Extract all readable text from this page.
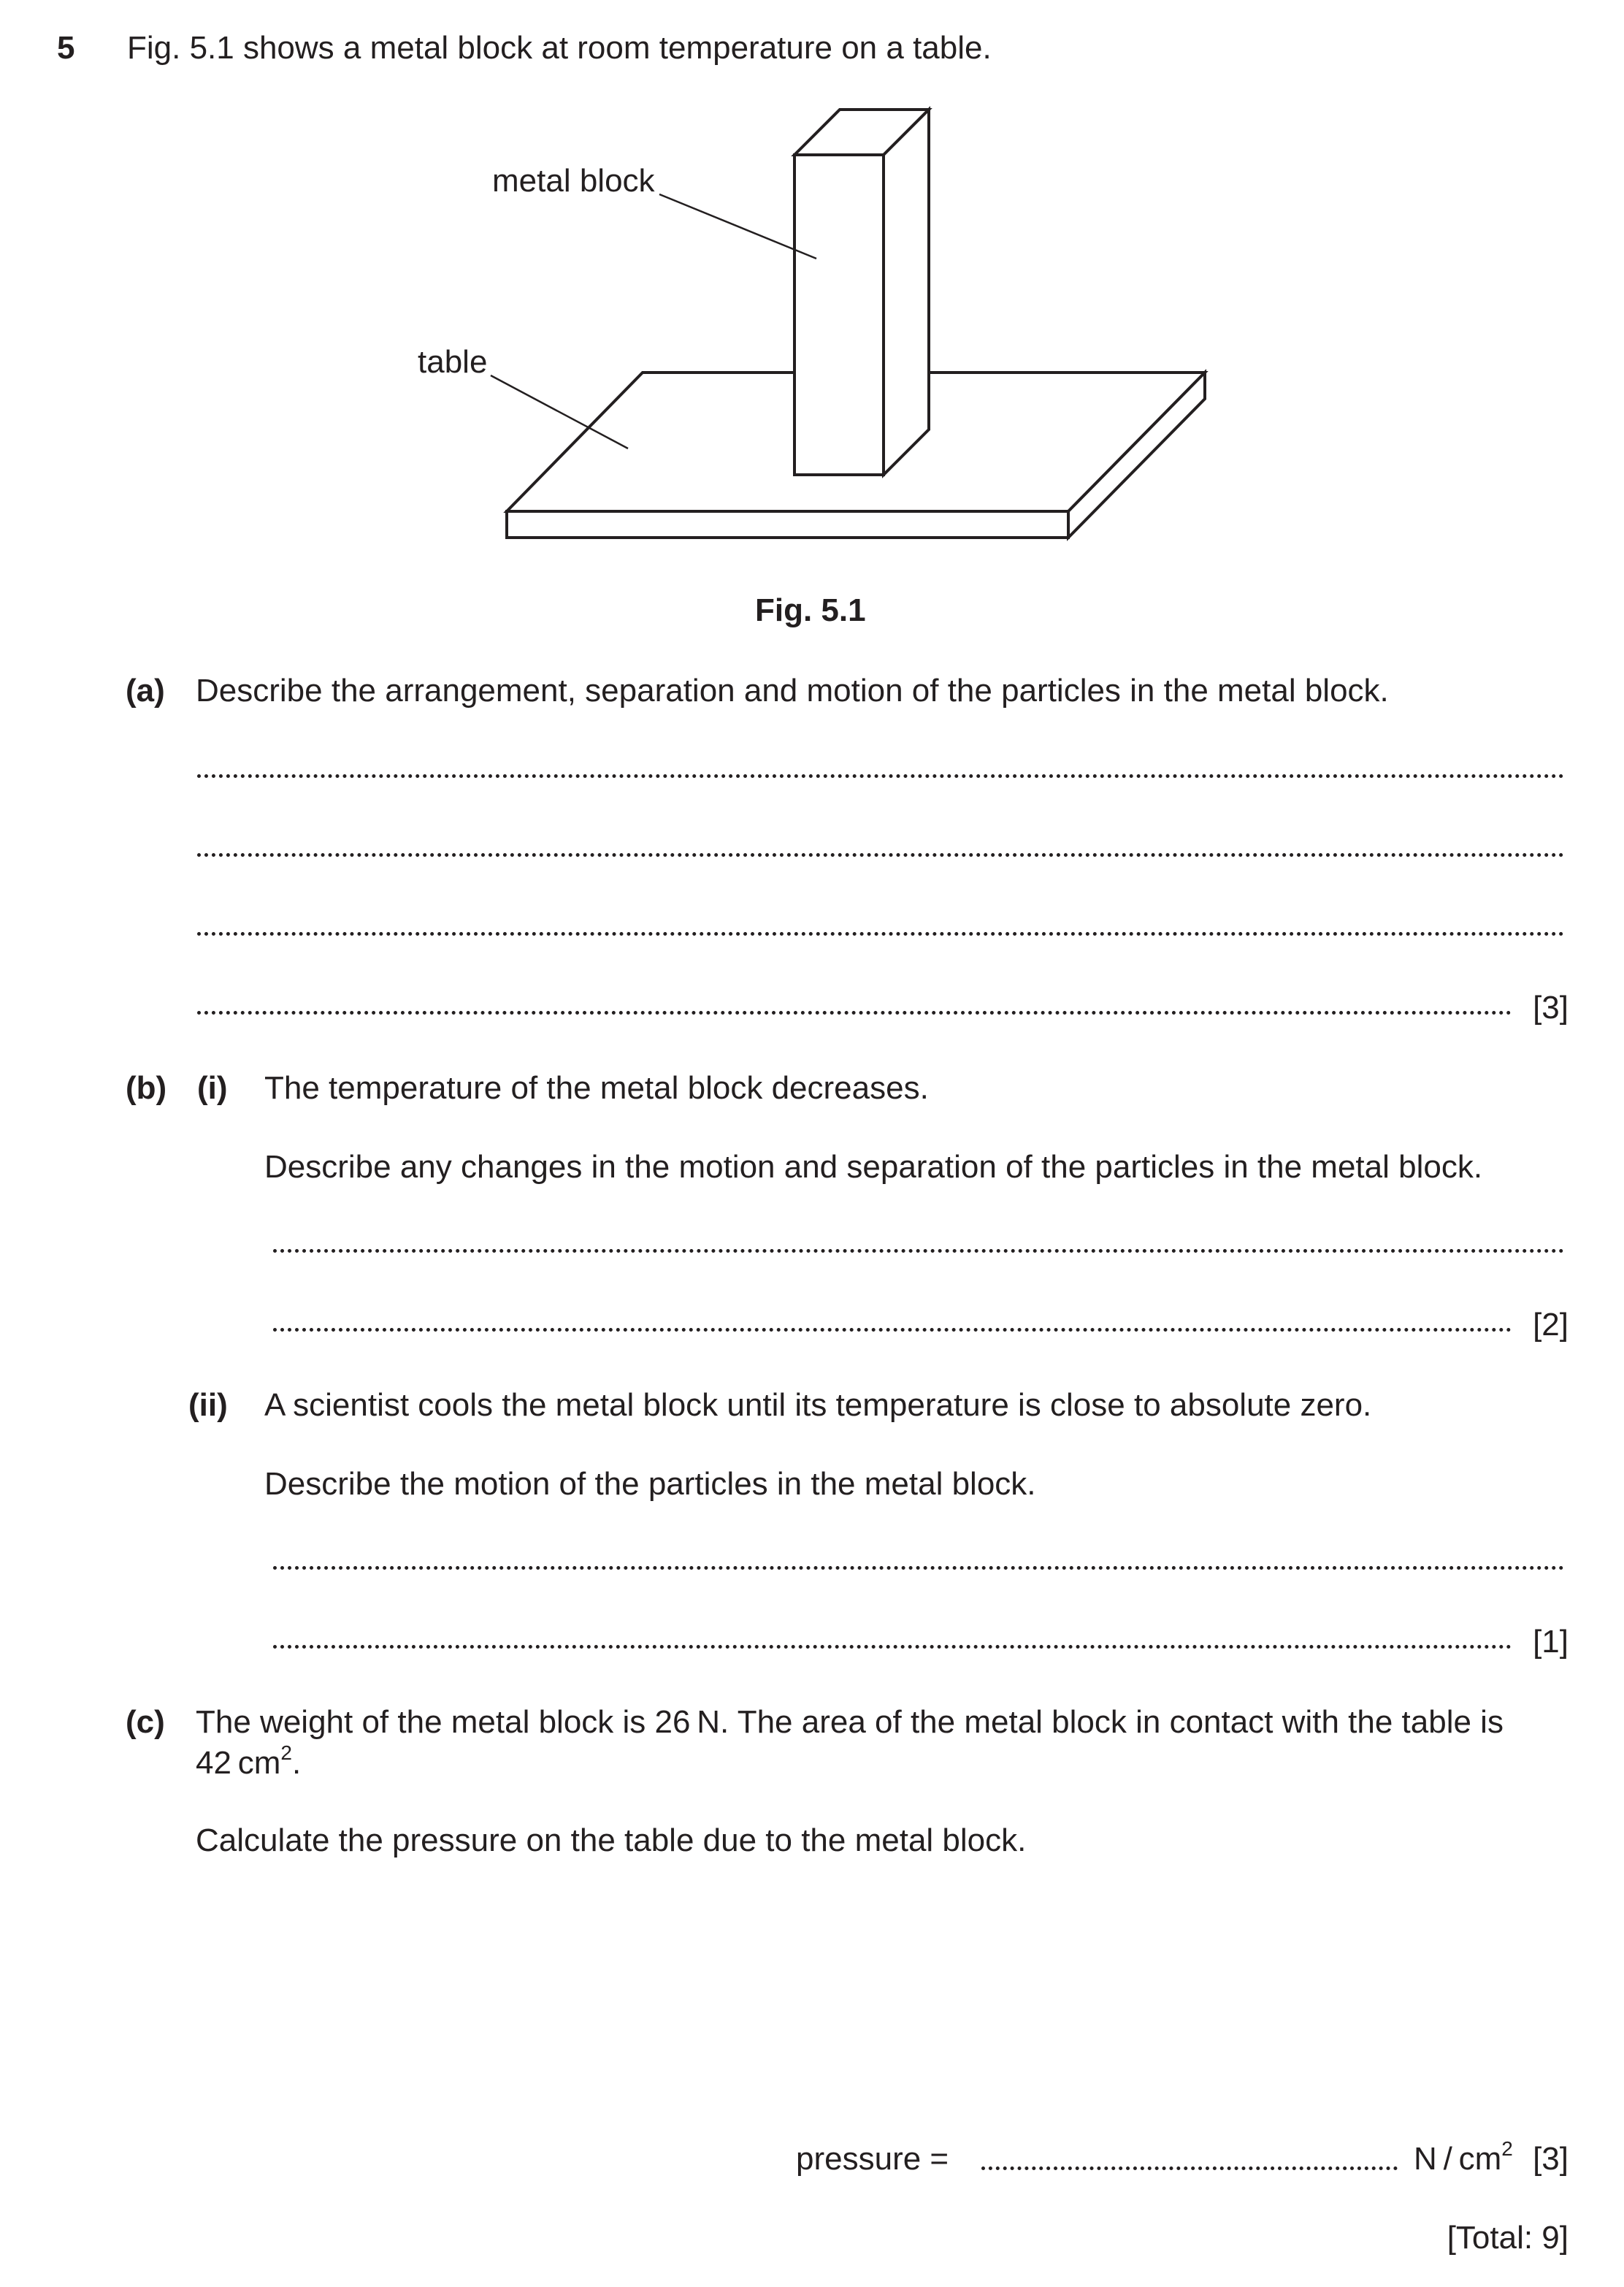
5 Fig. 5.1 shows a metal block at room temperature on a table.
metal block
table
Fig. 5.1
(a) Describe the arrangement, separation and motion of the particles in the metal block.
[3]
(b) (i) The temperature of the metal block decreases.
Describe any changes in the motion and separation of the particles in the metal block.
[2]
(ii) A scientist cools the metal block until its temperature is close to absolute zero.
Describe the motion of the particles in the metal block.
[1]
(c) The weight of the metal block is 26 N. The area of the metal block in contact with the table is
42 $cm^2$.
Calculate the pressure on the table due to the metal block.
pressure =	N / $cm^2$ [3]
[Total: 9]
